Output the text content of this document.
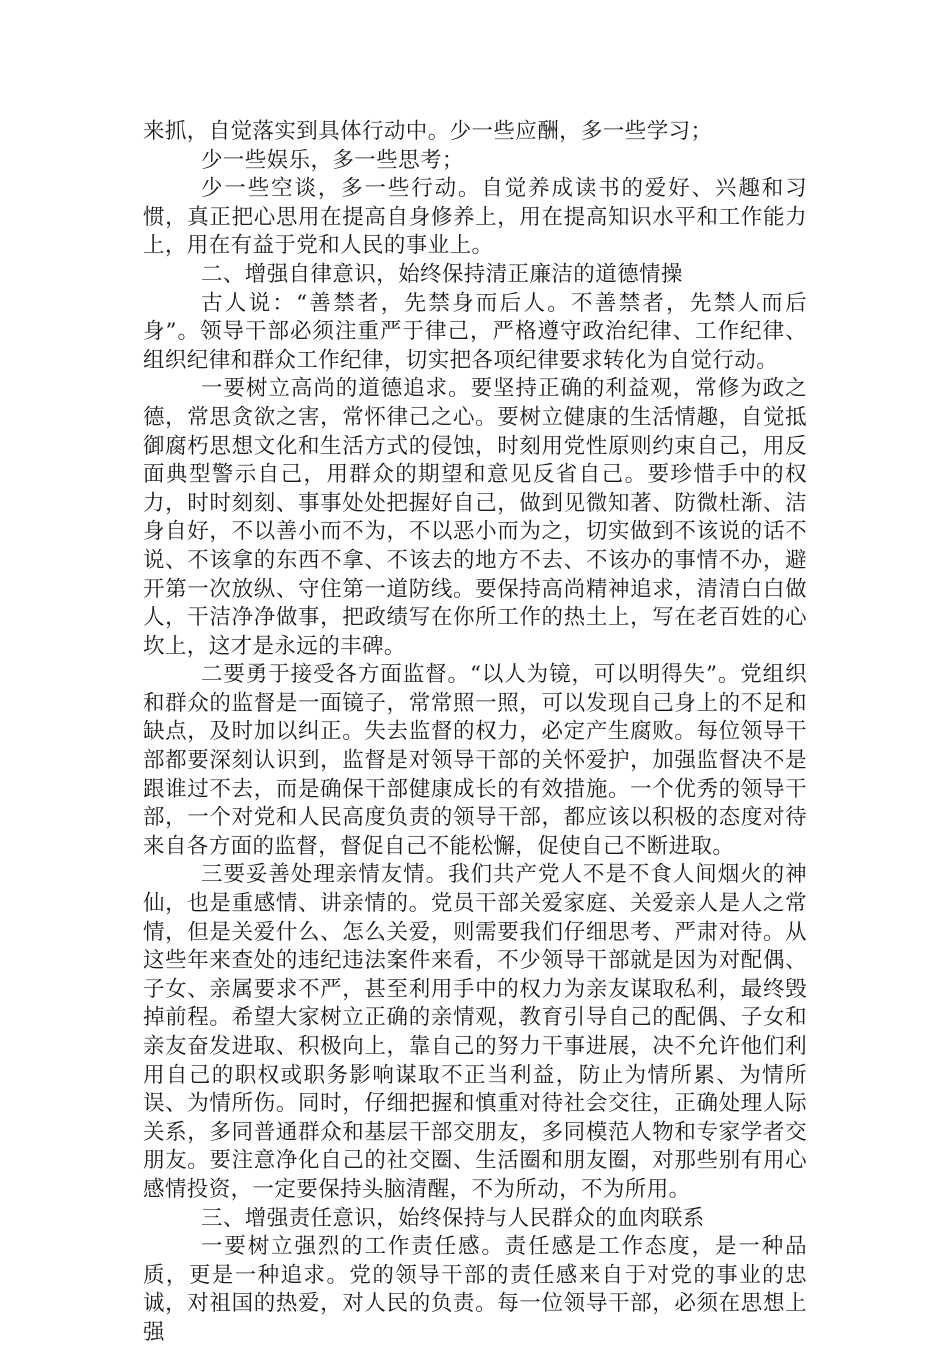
来抓，自觉落实到具体行动中。少一些应酬，多一些学习；

少一些娱乐，多一些思考；

少一些空谈，多一些行动。自觉养成读书的爱好、兴趣和习惯，真正把心思用在提高自身修养上，用在提高知识水平和工作能力上，用在有益于党和人民的事业上。

二、增强自律意识，始终保持清正廉洁的道德情操

古人说：“善禁者，先禁身而后人。不善禁者，先禁人而后身”。领导干部必须注重严于律己，严格遵守政治纪律、工作纪律、组织纪律和群众工作纪律，切实把各项纪律要求转化为自觉行动。

一要树立高尚的道德追求。要坚持正确的利益观，常修为政之德，常思贪欲之害，常怀律己之心。要树立健康的生活情趣，自觉抵御腐朽思想文化和生活方式的侵蚀，时刻用党性原则约束自己，用反面典型警示自己，用群众的期望和意见反省自己。要珍惜手中的权力，时时刻刻、事事处处把握好自己，做到见微知著、防微杜渐、洁身自好，不以善小而不为，不以恶小而为之，切实做到不该说的话不说、不该拿的东西不拿、不该去的地方不去、不该办的事情不办，避开第一次放纵、守住第一道防线。要保持高尚精神追求，清清白白做人，干洁净净做事，把政绩写在你所工作的热土上，写在老百姓的心坎上，这才是永远的丰碑。

二要勇于接受各方面监督。“以人为镜，可以明得失”。党组织和群众的监督是一面镜子，常常照一照，可以发现自己身上的不足和缺点，及时加以纠正。失去监督的权力，必定产生腐败。每位领导干部都要深刻认识到，监督是对领导干部的关怀爱护，加强监督决不是跟谁过不去，而是确保干部健康成长的有效措施。一个优秀的领导干部，一个对党和人民高度负责的领导干部，都应该以积极的态度对待来自各方面的监督，督促自己不能松懈，促使自己不断进取。

三要妥善处理亲情友情。我们共产党人不是不食人间烟火的神仙，也是重感情、讲亲情的。党员干部关爱家庭、关爱亲人是人之常情，但是关爱什么、怎么关爱，则需要我们仔细思考、严肃对待。从这些年来查处的违纪违法案件来看，不少领导干部就是因为对配偶、子女、亲属要求不严，甚至利用手中的权力为亲友谋取私利，最终毁掉前程。希望大家树立正确的亲情观，教育引导自己的配偶、子女和亲友奋发进取、积极向上，靠自己的努力干事进展，决不允许他们利用自己的职权或职务影响谋取不正当利益，防止为情所累、为情所误、为情所伤。同时，仔细把握和慎重对待社会交往，正确处理人际关系，多同普通群众和基层干部交朋友，多同模范人物和专家学者交朋友。要注意净化自己的社交圈、生活圈和朋友圈，对那些别有用心感情投资，一定要保持头脑清醒，不为所动，不为所用。

三、增强责任意识，始终保持与人民群众的血肉联系

一要树立强烈的工作责任感。责任感是工作态度，是一种品质，更是一种追求。党的领导干部的责任感来自于对党的事业的忠诚，对祖国的热爱，对人民的负责。每一位领导干部，必须在思想上强
